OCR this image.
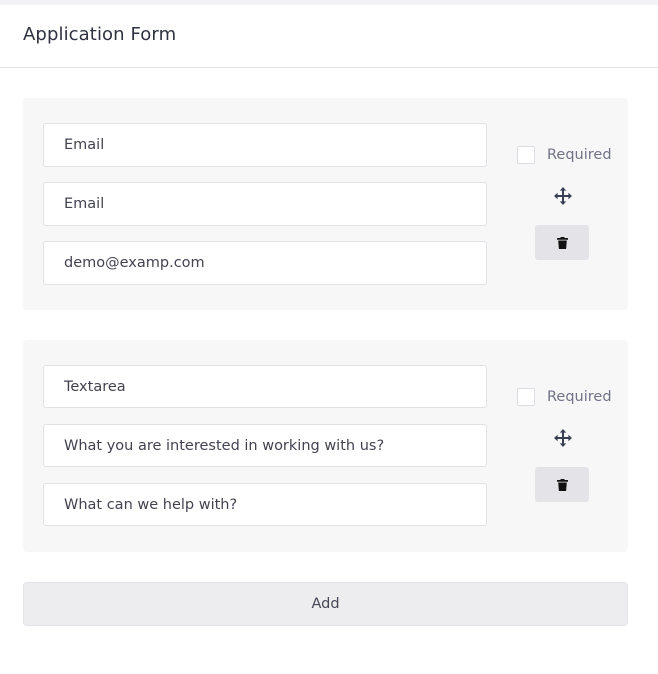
Application Form
Email
Email
demo@examp.com
Required
Textarea
What you are interested in working with us?
What can we help with?
Required
Add
